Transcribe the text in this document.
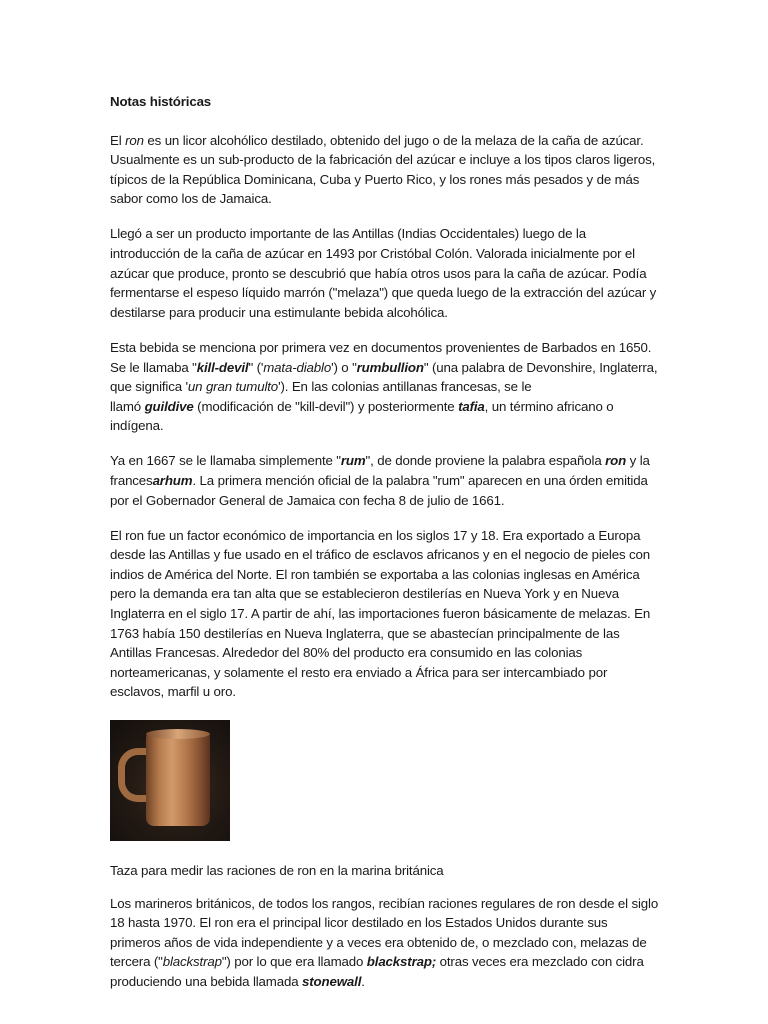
Notas históricas

El ron es un licor alcohólico destilado, obtenido del jugo o de la melaza de la caña de azúcar.
Usualmente es un sub-producto de la fabricación del azúcar e incluye a los tipos claros ligeros,
típicos de la República Dominicana, Cuba y Puerto Rico, y los rones más pesados y de más
sabor como los de Jamaica.

Llegó a ser un producto importante de las Antillas (Indias Occidentales) luego de la
introducción de la caña de azúcar en 1493 por Cristóbal Colón. Valorada inicialmente por el
azúcar que produce, pronto se descubrió que había otros usos para la caña de azúcar. Podía
fermentarse el espeso líquido marrón ("melaza") que queda luego de la extracción del azúcar y
destilarse para producir una estimulante bebida alcohólica.

Esta bebida se menciona por primera vez en documentos provenientes de Barbados en 1650.
Se le llamaba "kill-devil" ('mata-diablo') o "rumbullion" (una palabra de Devonshire, Inglaterra,
que significa 'un gran tumulto'). En las colonias antillanas francesas, se le
llamó guildive (modificación de "kill-devil") y posteriormente tafia, un término africano o
indígena.

Ya en 1667 se le llamaba simplemente "rum", de donde proviene la palabra española ron y la
francesarhum. La primera mención oficial de la palabra "rum" aparecen en una órden emitida
por el Gobernador General de Jamaica con fecha 8 de julio de 1661.

El ron fue un factor económico de importancia en los siglos 17 y 18. Era exportado a Europa
desde las Antillas y fue usado en el tráfico de esclavos africanos y en el negocio de pieles con
indios de América del Norte. El ron también se exportaba a las colonias inglesas en América
pero la demanda era tan alta que se establecieron destilerías en Nueva York y en Nueva
Inglaterra en el siglo 17. A partir de ahí, las importaciones fueron básicamente de melazas. En
1763 había 150 destilerías en Nueva Inglaterra, que se abastecían principalmente de las
Antillas Francesas. Alrededor del 80% del producto era consumido en las colonias
norteamericanas, y solamente el resto era enviado a África para ser intercambiado por
esclavos, marfil u oro.

Taza para medir las raciones de ron en la marina británica

Los marineros británicos, de todos los rangos, recibían raciones regulares de ron desde el siglo
18 hasta 1970. El ron era el principal licor destilado en los Estados Unidos durante sus
primeros años de vida independiente y a veces era obtenido de, o mezclado con, melazas de
tercera ("blackstrap") por lo que era llamado blackstrap; otras veces era mezclado con cidra
produciendo una bebida llamada stonewall.
